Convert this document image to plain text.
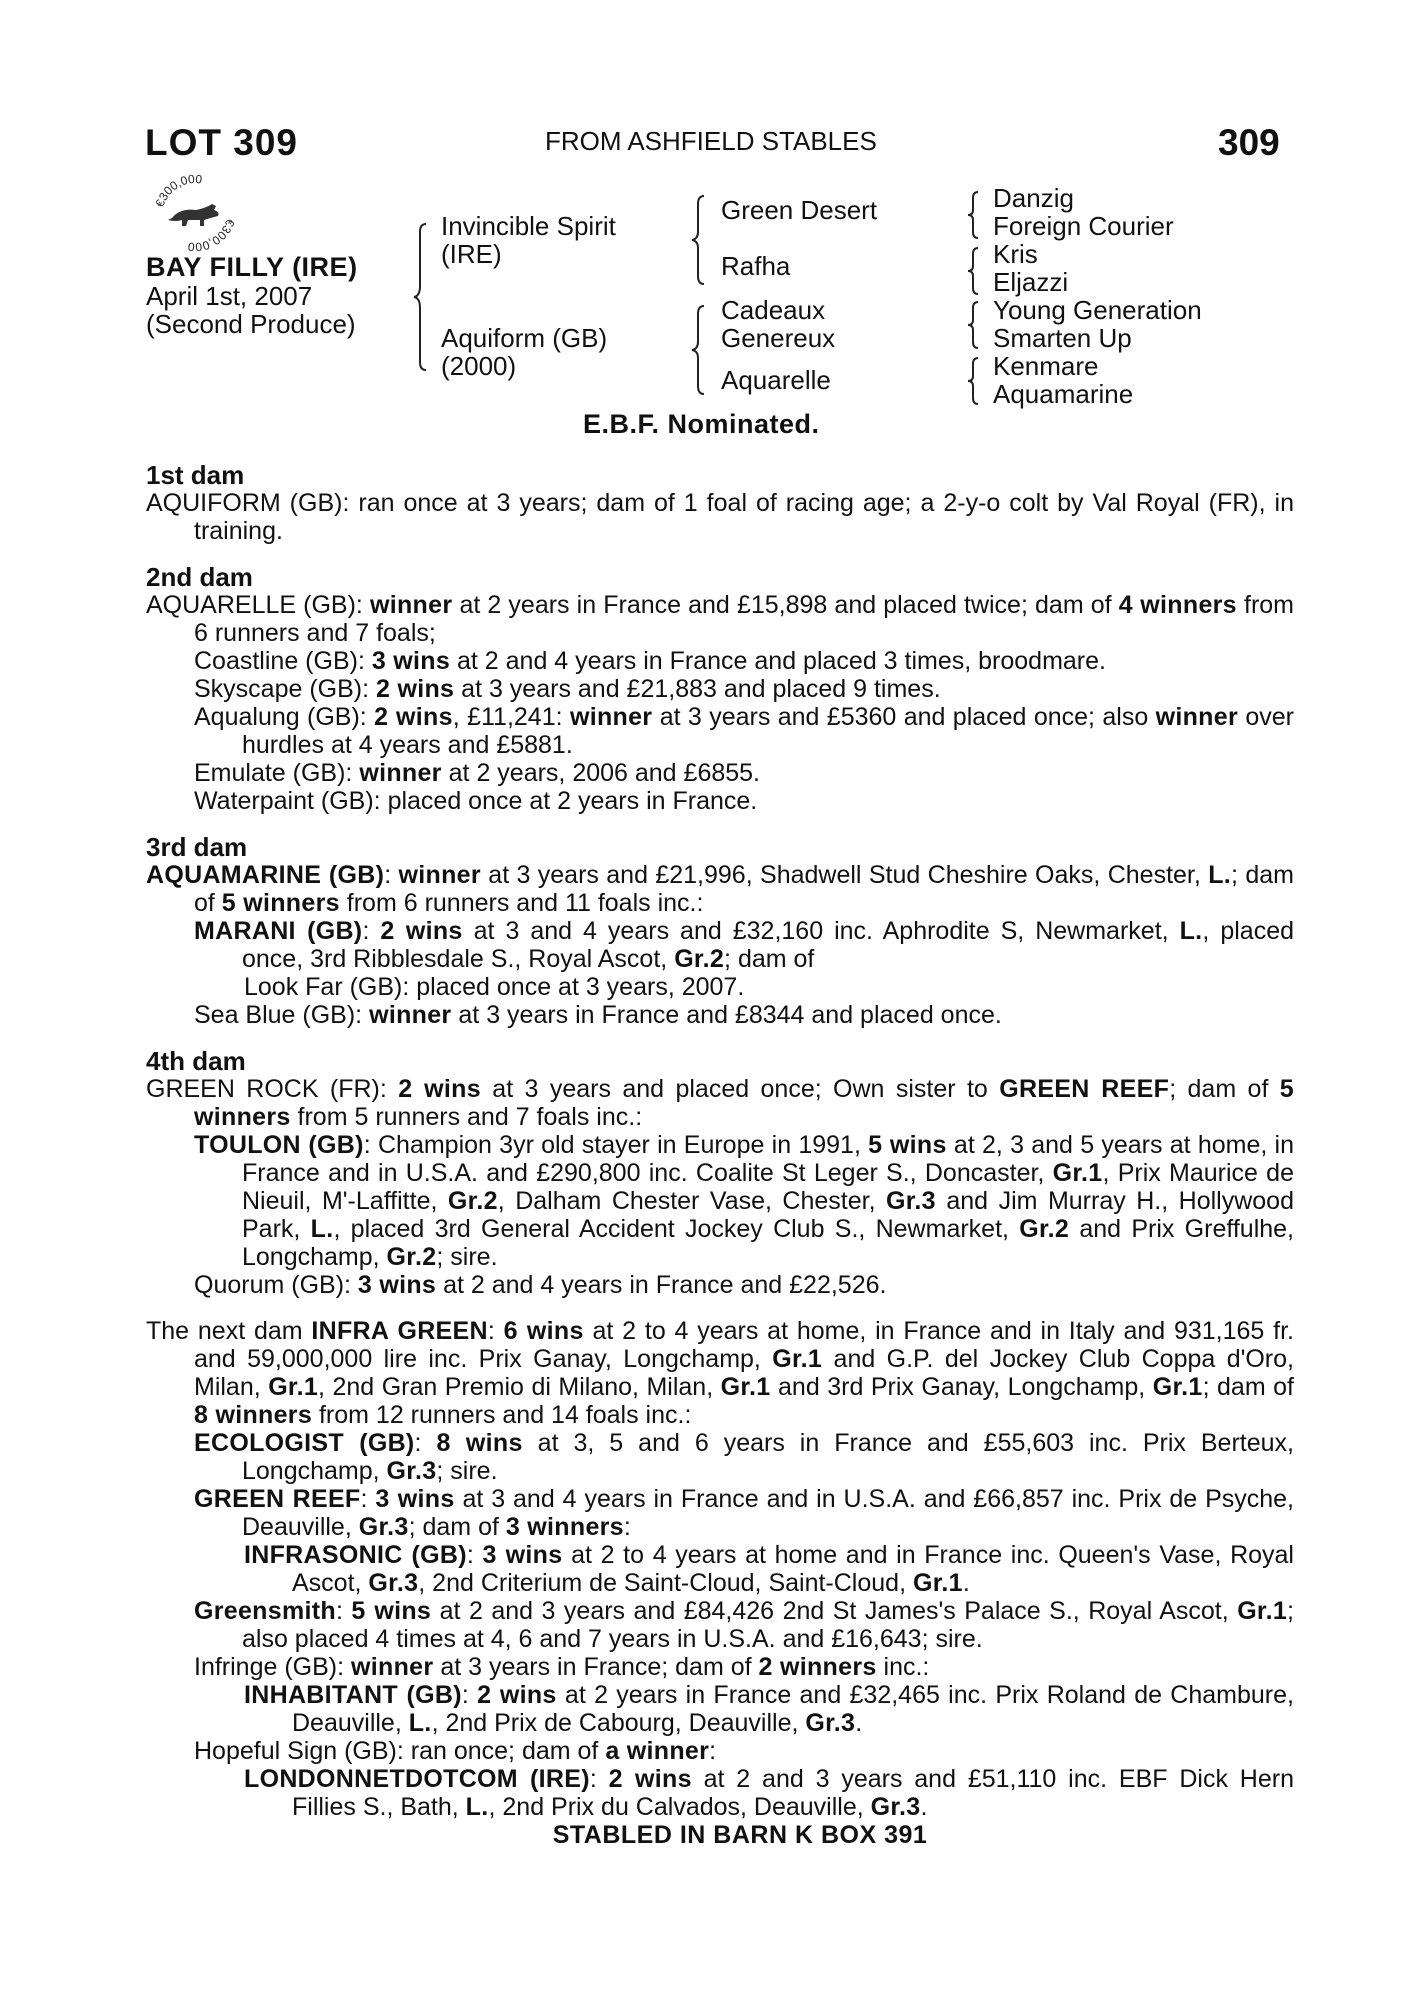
LOT 309	FROM ASHFIELD STABLES	309
€300,000
€300,000
BAY FILLY (IRE)
April 1st, 2007
(Second Produce)
Invincible Spirit
(IRE)
Aquiform (GB)
(2000)
Green Desert
Rafha
Cadeaux
Genereux
Aquarelle
Danzig
Foreign Courier
Kris
Eljazzi
Young Generation
Smarten Up
Kenmare
Aquamarine
E.B.F. Nominated.
1st dam
AQUIFORM (GB): ran once at 3 years; dam of 1 foal of racing age; a 2-y-o colt by Val Royal (FR), in training.
2nd dam
AQUARELLE (GB): winner at 2 years in France and £15,898 and placed twice; dam of 4 winners from 6 runners and 7 foals;
Coastline (GB): 3 wins at 2 and 4 years in France and placed 3 times, broodmare.
Skyscape (GB): 2 wins at 3 years and £21,883 and placed 9 times.
Aqualung (GB): 2 wins, £11,241: winner at 3 years and £5360 and placed once; also winner over hurdles at 4 years and £5881.
Emulate (GB): winner at 2 years, 2006 and £6855.
Waterpaint (GB): placed once at 2 years in France.
3rd dam
AQUAMARINE (GB): winner at 3 years and £21,996, Shadwell Stud Cheshire Oaks, Chester, L.; dam of 5 winners from 6 runners and 11 foals inc.:
MARANI (GB): 2 wins at 3 and 4 years and £32,160 inc. Aphrodite S, Newmarket, L., placed once, 3rd Ribblesdale S., Royal Ascot, Gr.2; dam of
Look Far (GB): placed once at 3 years, 2007.
Sea Blue (GB): winner at 3 years in France and £8344 and placed once.
4th dam
GREEN ROCK (FR): 2 wins at 3 years and placed once; Own sister to GREEN REEF; dam of 5 winners from 5 runners and 7 foals inc.:
TOULON (GB): Champion 3yr old stayer in Europe in 1991, 5 wins at 2, 3 and 5 years at home, in France and in U.S.A. and £290,800 inc. Coalite St Leger S., Doncaster, Gr.1, Prix Maurice de Nieuil, M'-Laffitte, Gr.2, Dalham Chester Vase, Chester, Gr.3 and Jim Murray H., Hollywood Park, L., placed 3rd General Accident Jockey Club S., Newmarket, Gr.2 and Prix Greffulhe, Longchamp, Gr.2; sire.
Quorum (GB): 3 wins at 2 and 4 years in France and £22,526.
The next dam INFRA GREEN: 6 wins at 2 to 4 years at home, in France and in Italy and 931,165 fr. and 59,000,000 lire inc. Prix Ganay, Longchamp, Gr.1 and G.P. del Jockey Club Coppa d'Oro, Milan, Gr.1, 2nd Gran Premio di Milano, Milan, Gr.1 and 3rd Prix Ganay, Longchamp, Gr.1; dam of 8 winners from 12 runners and 14 foals inc.:
ECOLOGIST (GB): 8 wins at 3, 5 and 6 years in France and £55,603 inc. Prix Berteux, Longchamp, Gr.3; sire.
GREEN REEF: 3 wins at 3 and 4 years in France and in U.S.A. and £66,857 inc. Prix de Psyche, Deauville, Gr.3; dam of 3 winners:
INFRASONIC (GB): 3 wins at 2 to 4 years at home and in France inc. Queen's Vase, Royal Ascot, Gr.3, 2nd Criterium de Saint-Cloud, Saint-Cloud, Gr.1.
Greensmith: 5 wins at 2 and 3 years and £84,426 2nd St James's Palace S., Royal Ascot, Gr.1; also placed 4 times at 4, 6 and 7 years in U.S.A. and £16,643; sire.
Infringe (GB): winner at 3 years in France; dam of 2 winners inc.:
INHABITANT (GB): 2 wins at 2 years in France and £32,465 inc. Prix Roland de Chambure, Deauville, L., 2nd Prix de Cabourg, Deauville, Gr.3.
Hopeful Sign (GB): ran once; dam of a winner:
LONDONNETDOTCOM (IRE): 2 wins at 2 and 3 years and £51,110 inc. EBF Dick Hern Fillies S., Bath, L., 2nd Prix du Calvados, Deauville, Gr.3.
STABLED IN BARN K BOX 391
